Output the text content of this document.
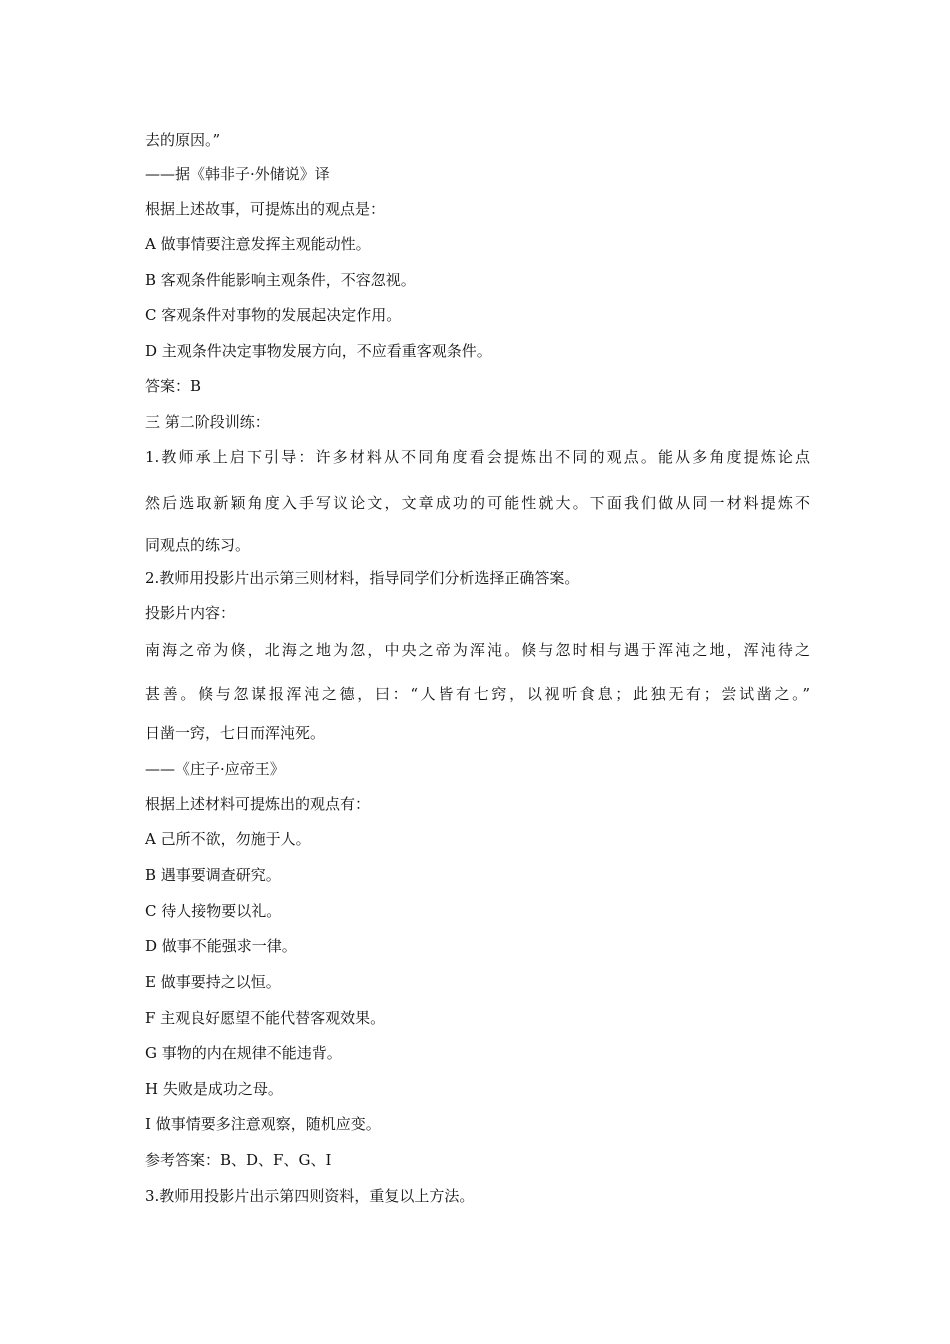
去的原因。”
——据《韩非子·外储说》译
根据上述故事，可提炼出的观点是：
A 做事情要注意发挥主观能动性。
B 客观条件能影响主观条件，不容忽视。
C 客观条件对事物的发展起决定作用。
D 主观条件决定事物发展方向，不应看重客观条件。
答案：B
三 第二阶段训练：
1.教师承上启下引导：许多材料从不同角度看会提炼出不同的观点。能从多角度提炼论点
然后选取新颖角度入手写议论文，文章成功的可能性就大。下面我们做从同一材料提炼不
同观点的练习。
2.教师用投影片出示第三则材料，指导同学们分析选择正确答案。
投影片内容：
南海之帝为倏，北海之地为忽，中央之帝为浑沌。倏与忽时相与遇于浑沌之地，浑沌待之
甚善。倏与忽谋报浑沌之德，曰：“人皆有七窍，以视听食息；此独无有；尝试凿之。”
日凿一窍，七日而浑沌死。
——《庄子·应帝王》
根据上述材料可提炼出的观点有：
A 己所不欲，勿施于人。
B 遇事要调查研究。
C 待人接物要以礼。
D 做事不能强求一律。
E 做事要持之以恒。
F 主观良好愿望不能代替客观效果。
G 事物的内在规律不能违背。
H 失败是成功之母。
I 做事情要多注意观察，随机应变。
参考答案：B、D、F、G、I
3.教师用投影片出示第四则资料，重复以上方法。
